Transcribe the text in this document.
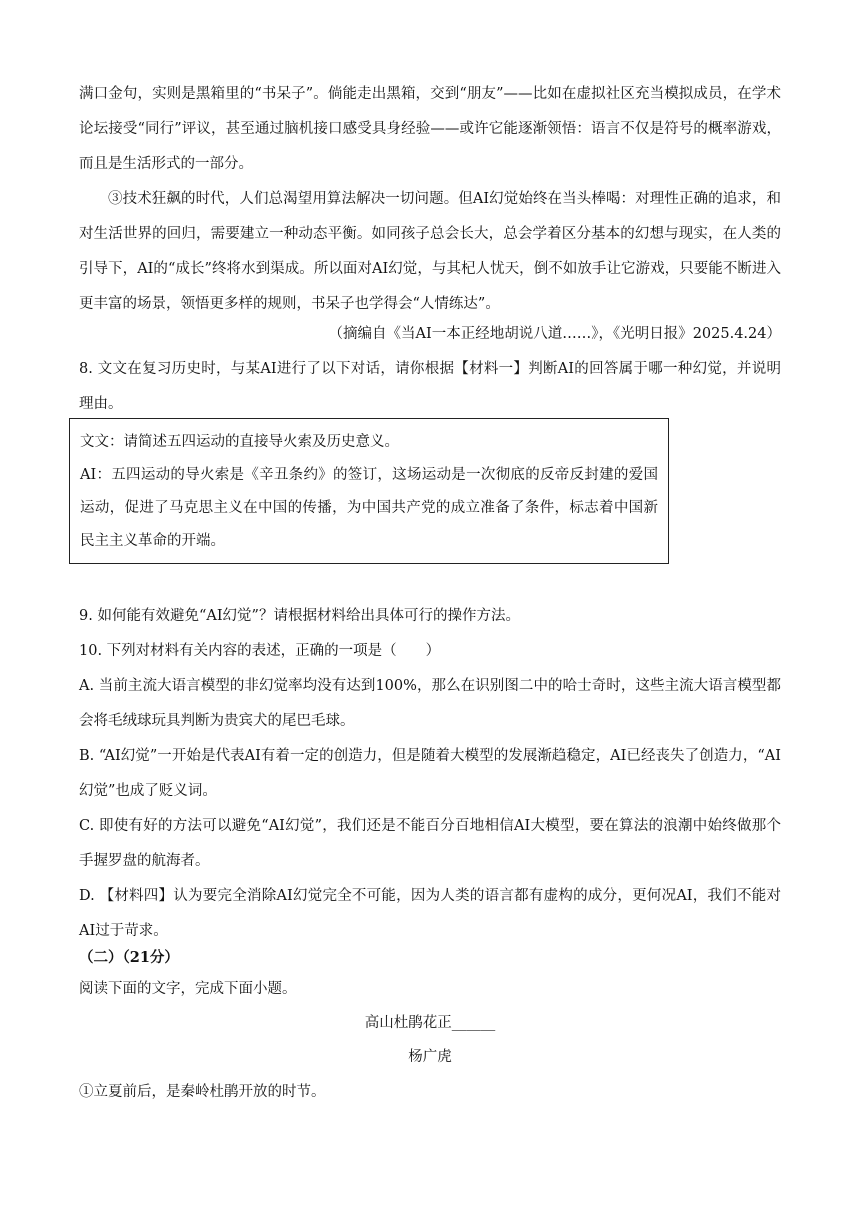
满口金句，实则是黑箱里的“书呆子”。倘能走出黑箱，交到“朋友”——比如在虚拟社区充当模拟成员，在学术论坛接受“同行”评议，甚至通过脑机接口感受具身经验——或许它能逐渐领悟：语言不仅是符号的概率游戏，而且是生活形式的一部分。

③技术狂飙的时代，人们总渴望用算法解决一切问题。但AI幻觉始终在当头棒喝：对理性正确的追求，和对生活世界的回归，需要建立一种动态平衡。如同孩子总会长大，总会学着区分基本的幻想与现实，在人类的引导下，AI的“成长”终将水到渠成。所以面对AI幻觉，与其杞人忧天，倒不如放手让它游戏，只要能不断进入更丰富的场景，领悟更多样的规则，书呆子也学得会“人情练达”。

（摘编自《当AI一本正经地胡说八道……》，《光明日报》2025.4.24）

8. 文文在复习历史时，与某AI进行了以下对话，请你根据【材料一】判断AI的回答属于哪一种幻觉，并说明理由。

文文：请简述五四运动的直接导火索及历史意义。

AI：五四运动的导火索是《辛丑条约》的签订，这场运动是一次彻底的反帝反封建的爱国运动，促进了马克思主义在中国的传播，为中国共产党的成立准备了条件，标志着中国新民主主义革命的开端。

9. 如何能有效避免“AI幻觉”？请根据材料给出具体可行的操作方法。

10. 下列对材料有关内容的表述，正确的一项是（　　）

A. 当前主流大语言模型的非幻觉率均没有达到100%，那么在识别图二中的哈士奇时，这些主流大语言模型都会将毛绒球玩具判断为贵宾犬的尾巴毛球。

B. “AI幻觉”一开始是代表AI有着一定的创造力，但是随着大模型的发展渐趋稳定，AI已经丧失了创造力，“AI幻觉”也成了贬义词。

C. 即使有好的方法可以避免“AI幻觉”，我们还是不能百分百地相信AI大模型，要在算法的浪潮中始终做那个手握罗盘的航海者。

D. 【材料四】认为要完全消除AI幻觉完全不可能，因为人类的语言都有虚构的成分，更何况AI，我们不能对AI过于苛求。

（二）（21分）

阅读下面的文字，完成下面小题。

高山杜鹃花正______

杨广虎

①立夏前后，是秦岭杜鹃开放的时节。
